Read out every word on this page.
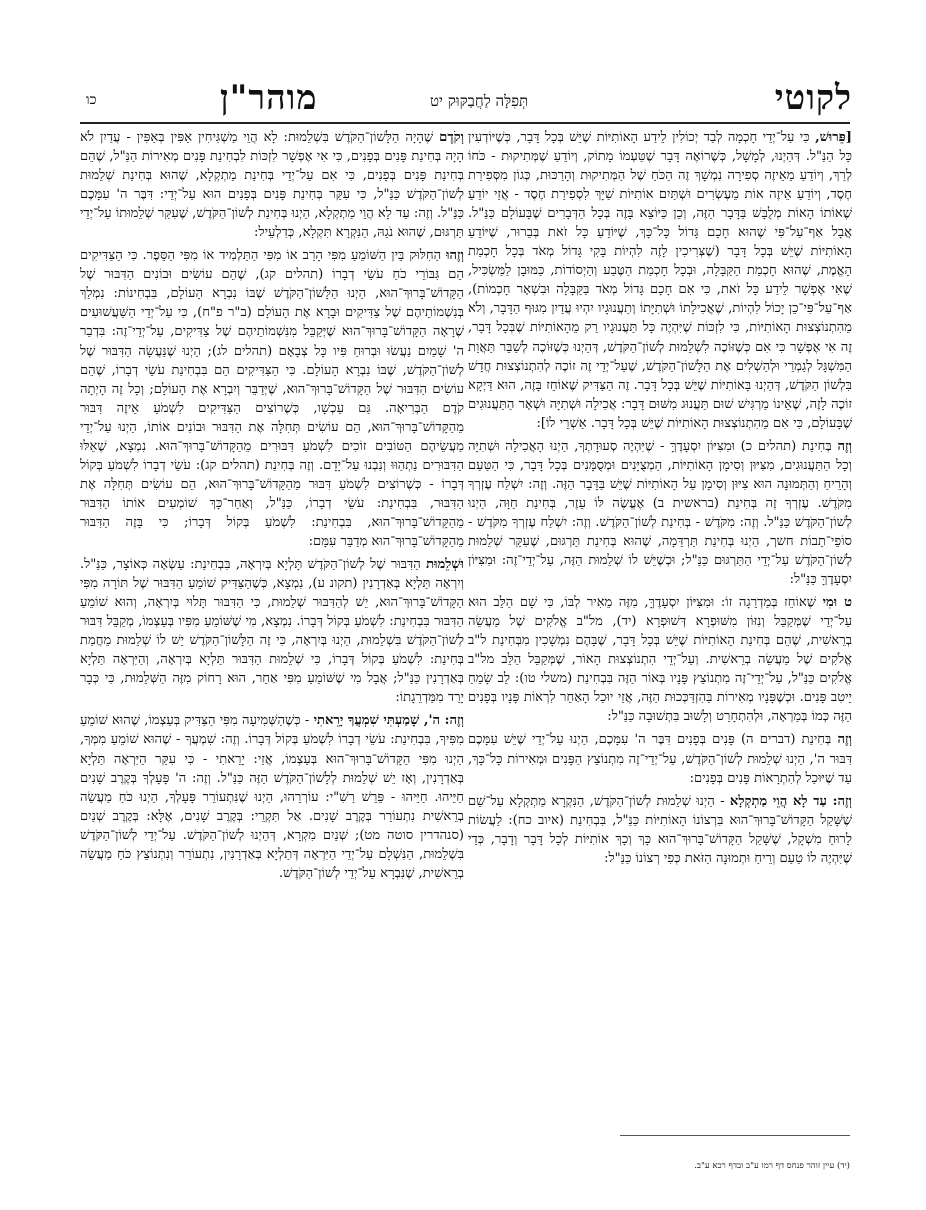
לקוטי
תְּפִלָּה לַחֲבַקּוּק יט
מוהר"ן
כו

[פֵּרוּשׁ, כִּי עַל־יְדֵי חָכְמָה לְבַד יְכוֹלִין לֵידַע הָאוֹתִיּוֹת שֶׁיֵּשׁ בְּכָל דָּבָר, כְּשֶׁיּוֹדְעִין כָּל הַנַּ"ל. דְּהַיְנוּ, לְמָשָׁל, כְּשֶׁרוֹאֶה דָּבָר שֶׁטַּעְמוֹ מָתוֹק, וְיוֹדֵעַ שֶׁמְּתִיקוּת - כֹּחוֹ לְרַךְ, וְיוֹדֵעַ מֵאֵיזֶה סְפִירָה נִמְשָׁךְ זֶה הַכֹּחַ שֶׁל הַמְּתִיקוּת וְהָרַכּוּת, כְּגוֹן מִסְּפִירַת חֶסֶד, וְיוֹדֵעַ אֵיזֶה אוֹת מֵעֶשְׂרִים וּשְׁתַּיִם אוֹתִיּוֹת שַׁיָּךְ לִסְפִירַת חֶסֶד - אֲזַי יוֹדֵעַ שֶׁאוֹתוֹ הָאוֹת מְלֻבָּשׁ בַּדָּבָר הַזֶּה, וְכֵן כַּיּוֹצֵא בָּזֶה בְּכָל הַדְּבָרִים שֶׁבָּעוֹלָם כַּנַּ"ל. אֲבָל אַף־עַל־פִּי שֶׁהוּא חָכָם גָּדוֹל כָּל־כָּךְ, שֶׁיּוֹדֵעַ כָּל זֹאת בְּבֵרוּר, שֶׁיּוֹדֵעַ הָאוֹתִיּוֹת שֶׁיֵּשׁ בְּכָל דָּבָר (שֶׁצְּרִיכִין לָזֶה לִהְיוֹת בָּקִי גָּדוֹל מְאֹד בְּכָל חָכְמַת הָאֱמֶת, שֶׁהוּא חָכְמַת הַקַּבָּלָה, וּבְכָל חָכְמַת הַטֶּבַע וְהַיְסוֹדוֹת, כַּמּוּבָן לַמַּשְׂכִּיל, שֶׁאִי אֶפְשָׁר לֵידַע כָּל זֹאת, כִּי אִם חָכָם גָּדוֹל מְאֹד בַּקַּבָּלָה וּבִשְׁאָר חָכְמוֹת), אַף־עַל־פִּי־כֵן יָכוֹל לִהְיוֹת, שֶׁאֲכִילָתוֹ וּשְׁתִיָּתוֹ וְתַעֲנוּגָיו יִהְיוּ עֲדַיִן מִגּוּף הַדָּבָר, וְלֹא מֵהִתְנוֹצְצוּת הָאוֹתִיּוֹת, כִּי לִזְכּוֹת שֶׁיִּהְיֶה כָּל תַּעֲנוּגָיו רַק מֵהָאוֹתִיּוֹת שֶׁבְּכָל דָּבָר, זֶה אִי אֶפְשָׁר כִּי אִם כְּשֶׁזּוֹכֶה לִשְׁלֵמוּת לְשׁוֹן־הַקֹּדֶשׁ, דְּהַיְנוּ כְּשֶׁזּוֹכֶה לְשַׁבֵּר תַּאֲוַת הַמִּשְׁגָּל לְגַמְרֵי וּלְהַשְׁלִים אֶת הַלָּשׁוֹן־הַקֹּדֶשׁ, שֶׁעַל־יְדֵי זֶה זוֹכֶה לְהִתְנוֹצְצוּת חֲדָשׁ בִּלְשׁוֹן הַקֹּדֶשׁ, דְּהַיְנוּ בָּאוֹתִיּוֹת שֶׁיֵּשׁ בְּכָל דָּבָר. זֶה הַצַּדִּיק שֶׁאוֹחֵז בָּזֶה, הוּא דַּיְקָא זוֹכֶה לָזֶה, שֶׁאֵינוֹ מַרְגִּישׁ שׁוּם תַּעֲנוּג מִשּׁוּם דָּבָר: אֲכִילָה וּשְׁתִיָּה וּשְׁאָר הַתַּעֲנוּגִים שֶׁבָּעוֹלָם, כִּי אִם מֵהִתְנוֹצְצוּת הָאוֹתִיּוֹת שֶׁיֵּשׁ בְּכָל דָּבָר. אַשְׁרֵי לוֹ]:

וְזֶה בְּחִינַת (תהלים כ) וּמִצִּיּוֹן יִסְעָדֶךָּ - שֶׁיִּהְיֶה סְעוּדָתְךָ, הַיְנוּ הָאֲכִילָה וּשְׁתִיָּה וְכָל הַתַּעֲנוּגִים, מִצִּיּוּן וְסִימָן הָאוֹתִיּוֹת, הַמְצֻיָּנִים וּמְסֻמָּנִים בְּכָל דָּבָר, כִּי הַטַּעַם וְהָרֵיחַ וְהַתְּמוּנָה הוּא צִיּוּן וְסִימָן עַל הָאוֹתִיּוֹת שֶׁיֵּשׁ בַּדָּבָר הַזֶּה. וְזֶה: יִשְׁלַח עֶזְרְךָ מִקֹּדֶשׁ. עֶזְרְךָ זֶה בְּחִינַת (בראשית ב) אֶעֱשֶׂה לּוֹ עֵזֶר, בְּחִינַת חַוָּה, הַיְנוּ לְשׁוֹן־הַקֹּדֶשׁ כַּנַּ"ל. וְזֶה: מִקֹּדֶשׁ - בְּחִינַת לְשׁוֹן־הַקֹּדֶשׁ. וְזֶה: יִשְׁלַח עֶזְרְךָ מִקֹּדֶשׁ - סוֹפֵי־תֵבוֹת חשך, הַיְנוּ בְּחִינַת תַּרְדֵּמָה, שֶׁהוּא בְּחִינַת תַּרְגּוּם, שֶׁעִקַּר שְׁלֵמוּת לְשׁוֹן־הַקֹּדֶשׁ עַל־יְדֵי הַתַּרְגּוּם כַּנַּ"ל; וּכְשֶׁיֵּשׁ לוֹ שְׁלֵמוּת הַזֶּה, עַל־יְדֵי־זֶה: וּמִצִּיּוֹן יִסְעָדֶךָּ כַּנַּ"ל:

ט וּמִי שֶׁאוֹחֵז בְּמַדְרֵגָה זוֹ: וּמִצִּיּוֹן יִסְעָדֶךָּ, מִזֶּה מֵאִיר לְבּוֹ, כִּי שָׁם הַלֵּב הוּא עַל־יְדֵי שֶׁמְּקַבֵּל וְנִזּוֹן מִשּׁוּפְרָא דְּשׁוּפְרָא (יד), מל"ב אֱלֹקִים שֶׁל מַעֲשֵׂה בְרֵאשִׁית, שֶׁהֵם בְּחִינַת הָאוֹתִיּוֹת שֶׁיֵּשׁ בְּכָל דָּבָר, שֶׁבָּהֶם נִמְשָׁכִין מִבְּחִינַת ל"ב אֱלֹקִים שֶׁל מַעֲשֵׂה בְרֵאשִׁית. וְעַל־יְדֵי הִתְנוֹצְצוּת הָאוֹר, שֶׁמְּקַבֵּל הַלֵּב מל"ב אֱלֹקִים כַּנַּ"ל, עַל־יְדֵי־זֶה מִתְנוֹצֵץ פָּנָיו בְּאוֹר הַזֶּה בִּבְחִינַת (משלי טו): לֵב שָׂמֵחַ יֵיטִב פָּנִים. וּכְשֶׁפָּנָיו מְאִירוֹת בַּהִזְדַּכְּכוּת הַזֶּה, אֲזַי יוּכַל הָאַחֵר לִרְאוֹת פָּנָיו בְּפָנִים הַזֶּה כְּמוֹ בְּמַרְאָה, וּלְהִתְחָרֵט וְלָשׁוּב בִּתְשׁוּבָה כַּנַּ"ל:

וְזֶה בְּחִינַת (דברים ה) פָּנִים בְּפָנִים דִּבֶּר ה' עִמָּכֶם, הַיְנוּ עַל־יְדֵי שֶׁיֵּשׁ עִמָּכֶם דִּבּוּר ה', הַיְנוּ שְׁלֵמוּת לְשׁוֹן־הַקֹּדֶשׁ, עַל־יְדֵי־זֶה מִתְנוֹצֵץ הַפָּנִים וּמְאִירוֹת כָּל־כָּךְ, עַד שֶׁיּוּכַל לְהִתְרָאוֹת פָּנִים בְּפָנִים:

וְזֶה: עַד לָא הֲוֵי מַתְקְלָא - הַיְנוּ שְׁלֵמוּת לְשׁוֹן־הַקֹּדֶשׁ, הַנִּקְרָא מַתְקְלָא עַל־שֵׁם שֶׁשָּׁקַל הַקָּדוֹשׁ־בָּרוּךְ־הוּא בִּרְצוֹנוֹ הָאוֹתִיּוֹת כַּנַּ"ל, בִּבְחִינַת (איוב כח): לַעֲשׂוֹת לָרוּחַ מִשְׁקָל, שֶׁשָּׁקַל הַקָּדוֹשׁ־בָּרוּךְ־הוּא כָּךְ וְכָךְ אוֹתִיּוֹת לְכָל דָּבָר וְדָבָר, כְּדֵי שֶׁיִּהְיֶה לוֹ טַעַם וְרֵיחַ וּתְמוּנָה הַזֹּאת כְּפִי רְצוֹנוֹ כַּנַּ"ל:

וְקֹדֶם שֶׁהָיָה הַלָּשׁוֹן־הַקֹּדֶשׁ בִּשְׁלֵמוּת: לָא הֲוֵי מַשְׁגִּיחִין אַפִּין בְּאַפִּין - עֲדַיִן לֹא הָיָה בְּחִינַת פָּנִים בְּפָנִים, כִּי אִי אֶפְשָׁר לִזְכּוֹת לִבְחִינַת פָּנִים מְאִירוֹת הַנַּ"ל, שֶׁהֵם בְּחִינַת פָּנִים בְּפָנִים, כִּי אִם עַל־יְדֵי בְּחִינַת מַתְקְלָא, שֶׁהוּא בְּחִינַת שְׁלֵמוּת לְשׁוֹן־הַקֹּדֶשׁ כַּנַּ"ל, כִּי עִקַּר בְּחִינַת פָּנִים בְּפָנִים הוּא עַל־יְדֵי: דִּבֶּר ה' עִמָּכֶם כַּנַּ"ל. וְזֶה: עַד לָא הֲוֵי מַתְקְלָא, הַיְנוּ בְּחִינַת לְשׁוֹן־הַקֹּדֶשׁ, שֶׁעִקַּר שְׁלֵמוּתוֹ עַל־יְדֵי תַּרְגּוּם, שֶׁהוּא נֹגַהּ, הַנִּקְרָא תִּקְלָא, כְּדִלְעֵיל:

וְזֶהוּ הַחִלּוּק בֵּין הַשּׁוֹמֵעַ מִפִּי הָרַב אוֹ מִפִּי הַתַּלְמִיד אוֹ מִפִּי הַסֵּפֶר. כִּי הַצַּדִּיקִים הֵם גִּבּוֹרֵי כֹחַ עֹשֵׂי דְבָרוֹ (תהלים קג), שֶׁהֵם עוֹשִׂים וּבוֹנִים הַדִּבּוּר שֶׁל הַקָּדוֹשׁ־בָּרוּךְ־הוּא, הַיְנוּ הַלָּשׁוֹן־הַקֹּדֶשׁ שֶׁבּוֹ נִבְרָא הָעוֹלָם, בִּבְחִינוֹת: נִמְלַךְ בְּנִשְׁמוֹתֵיהֶם שֶׁל צַדִּיקִים וּבָרָא אֶת הָעוֹלָם (ב"ר פ"ח), כִּי עַל־יְדֵי הַשַּׁעֲשׁוּעִים שֶׁרָאָה הַקָּדוֹשׁ־בָּרוּךְ־הוּא שֶׁיְּקַבֵּל מִנִּשְׁמוֹתֵיהֶם שֶׁל צַדִּיקִים, עַל־יְדֵי־זֶה: בִּדְבַר ה' שָׁמַיִם נַעֲשׂוּ וּבְרוּחַ פִּיו כָּל צְבָאָם (תהלים לג); הַיְנוּ שֶׁנַּעֲשָׂה הַדִּבּוּר שֶׁל לְשׁוֹן־הַקֹּדֶשׁ, שֶׁבּוֹ נִבְרָא הָעוֹלָם. כִּי הַצַּדִּיקִים הֵם בִּבְחִינַת עֹשֵׂי דְבָרוֹ, שֶׁהֵם עוֹשִׂים הַדִּבּוּר שֶׁל הַקָּדוֹשׁ־בָּרוּךְ־הוּא, שֶׁיְּדַבֵּר וְיִבְרָא אֶת הָעוֹלָם; וְכָל זֶה הָיְתָה קֹדֶם הַבְּרִיאָה. גַּם עַכְשָׁו, כְּשֶׁרוֹצִים הַצַּדִּיקִים לִשְׁמֹעַ אֵיזֶה דִּבּוּר מֵהַקָּדוֹשׁ־בָּרוּךְ־הוּא, הֵם עוֹשִׂים תְּחִלָּה אֶת הַדִּבּוּר וּבוֹנִים אוֹתוֹ, הַיְנוּ עַל־יְדֵי מַעֲשֵׂיהֶם הַטּוֹבִים זוֹכִים לִשְׁמֹעַ דִּבּוּרִים מֵהַקָּדוֹשׁ־בָּרוּךְ־הוּא. נִמְצָא, שֶׁאֵלּוּ הַדִּבּוּרִים נַתְהַוּוּ וְנִבְנוּ עַל־יָדָם. וְזֶה בְּחִינַת (תהלים קג): עֹשֵׂי דְבָרוֹ לִשְׁמֹעַ בְּקוֹל דְּבָרוֹ - כְּשֶׁרוֹצִים לִשְׁמֹעַ דִּבּוּר מֵהַקָּדוֹשׁ־בָּרוּךְ־הוּא, הֵם עוֹשִׂים תְּחִלָּה אֶת הַדִּבּוּר, בִּבְחִינַת: עֹשֵׂי דְבָרוֹ, כַּנַּ"ל, וְאַחַר־כָּךְ שׁוֹמְעִים אוֹתוֹ הַדִּבּוּר מֵהַקָּדוֹשׁ־בָּרוּךְ־הוּא, בִּבְחִינַת: לִשְׁמֹעַ בְּקוֹל דְּבָרוֹ; כִּי בָּזֶה הַדִּבּוּר מֵהַקָּדוֹשׁ־בָּרוּךְ־הוּא מְדַבֵּר עִמָּם:

וּשְׁלֵמוּת הַדִּבּוּר שֶׁל לְשׁוֹן־הַקֹּדֶשׁ תָּלְיָא בְּיִרְאָה, בִּבְחִינַת: עַשְׂאָה כְּאוֹצָר, כַּנַּ"ל. וְיִרְאָה תַּלְיָא בְּאַדְרָנִין (תקונ ע), נִמְצָא, כְּשֶׁהַצַּדִּיק שׁוֹמֵעַ הַדִּבּוּר שֶׁל תּוֹרָה מִפִּי הַקָּדוֹשׁ־בָּרוּךְ־הוּא, יֵשׁ לְהַדִּבּוּר שְׁלֵמוּת, כִּי הַדִּבּוּר תָּלוּי בְּיִרְאָה, וְהוּא שׁוֹמֵעַ הַדִּבּוּר בִּבְחִינַת: לִשְׁמֹעַ בְּקוֹל דְּבָרוֹ. נִמְצָא, מִי שֶׁשּׁוֹמֵעַ מִפִּיו בְּעַצְמוֹ, מְקַבֵּל דִּבּוּר לְשׁוֹן־הַקֹּדֶשׁ בִּשְׁלֵמוּת, הַיְנוּ בְּיִרְאָה, כִּי זֶה הַלָּשׁוֹן־הַקֹּדֶשׁ יֵשׁ לוֹ שְׁלֵמוּת מֵחֲמַת בְּחִינַת: לִשְׁמֹעַ בְּקוֹל דְּבָרוֹ, כִּי שְׁלֵמוּת הַדִּבּוּר תַּלְיָא בְּיִרְאָה, וְהַיִּרְאָה תַּלְיָא בְּאַדְרָנִין כַּנַּ"ל; אֲבָל מִי שֶׁשּׁוֹמֵעַ מִפִּי אַחֵר, הוּא רָחוֹק מִזֶּה הַשְּׁלֵמוּת, כִּי כְּבָר יָרַד מִמַּדְרֵגָתוֹ:

וְזֶה: ה', שָׁמַעְתִּי שִׁמְעֲךָ יָרֵאתִי - כְּשֶׁהַשְּׁמִיעָה מִפִּי הַצַּדִּיק בְּעַצְמוֹ, שֶׁהוּא שׁוֹמֵעַ מִפִּיךָ, בִּבְחִינַת: עֹשֵׂי דְבָרוֹ לִשְׁמֹעַ בְּקוֹל דְּבָרוֹ. וְזֶה: שִׁמְעֲךָ - שֶׁהוּא שׁוֹמֵעַ מִמְּךָ, הַיְנוּ מִפִּי הַקָּדוֹשׁ־בָּרוּךְ־הוּא בְּעַצְמוֹ, אֲזַי: יָרֵאתִי - כִּי עִקַּר הַיִּרְאָה תַּלְיָא בְּאַדְרָנִין, וְאָז יֵשׁ שְׁלֵמוּת לְלָשׁוֹן־הַקֹּדֶשׁ הַזֶּה כַּנַּ"ל. וְזֶה: ה' פָּעָלְךָ בְּקֶרֶב שָׁנִים חַיֵּיהוּ. חַיֵּיהוּ - פֵּרֵשׁ רַשִׁ"י: עוֹרְרֵהוּ, הַיְנוּ שֶׁנִּתְעוֹרֵר פָּעָלְךָ, הַיְנוּ כֹּחַ מַעֲשֵׂה בְרֵאשִׁית נִתְעוֹרֵר בְּקֶרֶב שָׁנִים. אַל תִּקְרֵי: בְּקֶרֶב שָׁנִים, אֶלָּא: בְּקֶרֶב שְׁנַיִם (סנהדרין סוטה מט); שְׁנַיִם מִקְרָא, דְּהַיְנוּ לְשׁוֹן־הַקֹּדֶשׁ. עַל־יְדֵי לְשׁוֹן־הַקֹּדֶשׁ בִּשְׁלֵמוּת, הַנִּשְׁלָם עַל־יְדֵי הַיִּרְאָה דְּתַלְיָא בְּאַדְרָנִין, נִתְעוֹרֵר וְנִתְנוֹצֵץ כֹּחַ מַעֲשֵׂה בְרֵאשִׁית, שֶׁנִּבְרָא עַל־יְדֵי לְשׁוֹן־הַקֹּדֶשׁ.

(יד) עיין זוהר פנחס דף רמו ע"ב ובדף רכא ע"ב.
